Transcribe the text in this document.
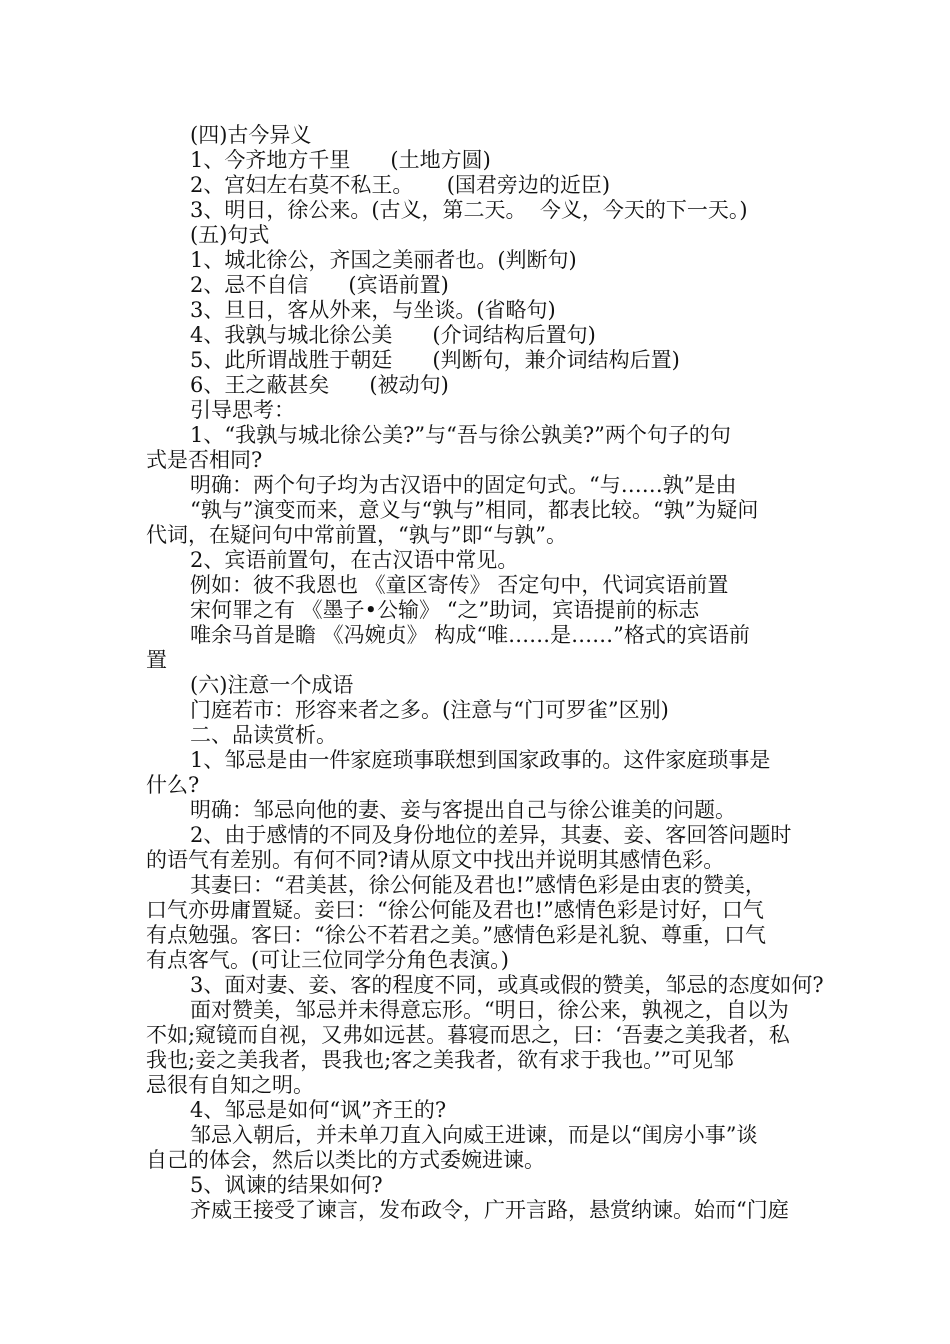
(四)古今异义
1、今齐地方千里      (土地方圆)
2、宫妇左右莫不私王。     (国君旁边的近臣)
3、明日，徐公来。(古义，第二天。  今义，今天的下一天。)
(五)句式
1、城北徐公，齐国之美丽者也。(判断句)
2、忌不自信      (宾语前置)
3、旦日，客从外来，与坐谈。(省略句)
4、我孰与城北徐公美      (介词结构后置句)
5、此所谓战胜于朝廷      (判断句，兼介词结构后置)
6、王之蔽甚矣      (被动句)
引导思考：
1、“我孰与城北徐公美?”与“吾与徐公孰美?”两个句子的句
式是否相同?
明确：两个句子均为古汉语中的固定句式。“与……孰”是由
“孰与”演变而来，意义与“孰与”相同，都表比较。“孰”为疑问
代词，在疑问句中常前置，“孰与”即“与孰”。
2、宾语前置句，在古汉语中常见。
例如：彼不我恩也 《童区寄传》 否定句中，代词宾语前置
宋何罪之有 《墨子•公输》 “之”助词，宾语提前的标志
唯余马首是瞻 《冯婉贞》 构成“唯……是……”格式的宾语前
置
(六)注意一个成语
门庭若市：形容来者之多。(注意与“门可罗雀”区别)
二、品读赏析。
1、邹忌是由一件家庭琐事联想到国家政事的。这件家庭琐事是
什么?
明确：邹忌向他的妻、妾与客提出自己与徐公谁美的问题。
2、由于感情的不同及身份地位的差异，其妻、妾、客回答问题时
的语气有差别。有何不同?请从原文中找出并说明其感情色彩。
其妻曰：“君美甚，徐公何能及君也!”感情色彩是由衷的赞美，
口气亦毋庸置疑。妾曰：“徐公何能及君也!”感情色彩是讨好，口气
有点勉强。客曰：“徐公不若君之美。”感情色彩是礼貌、尊重，口气
有点客气。(可让三位同学分角色表演。)
3、面对妻、妾、客的程度不同，或真或假的赞美，邹忌的态度如何?
面对赞美，邹忌并未得意忘形。“明日，徐公来，孰视之，自以为
不如;窥镜而自视，又弗如远甚。暮寝而思之，曰：‘吾妻之美我者，私
我也;妾之美我者，畏我也;客之美我者，欲有求于我也。’”可见邹
忌很有自知之明。
4、邹忌是如何“讽”齐王的?
邹忌入朝后，并未单刀直入向威王进谏，而是以“闺房小事”谈
自己的体会，然后以类比的方式委婉进谏。
5、讽谏的结果如何?
齐威王接受了谏言，发布政令，广开言路，悬赏纳谏。始而“门庭
